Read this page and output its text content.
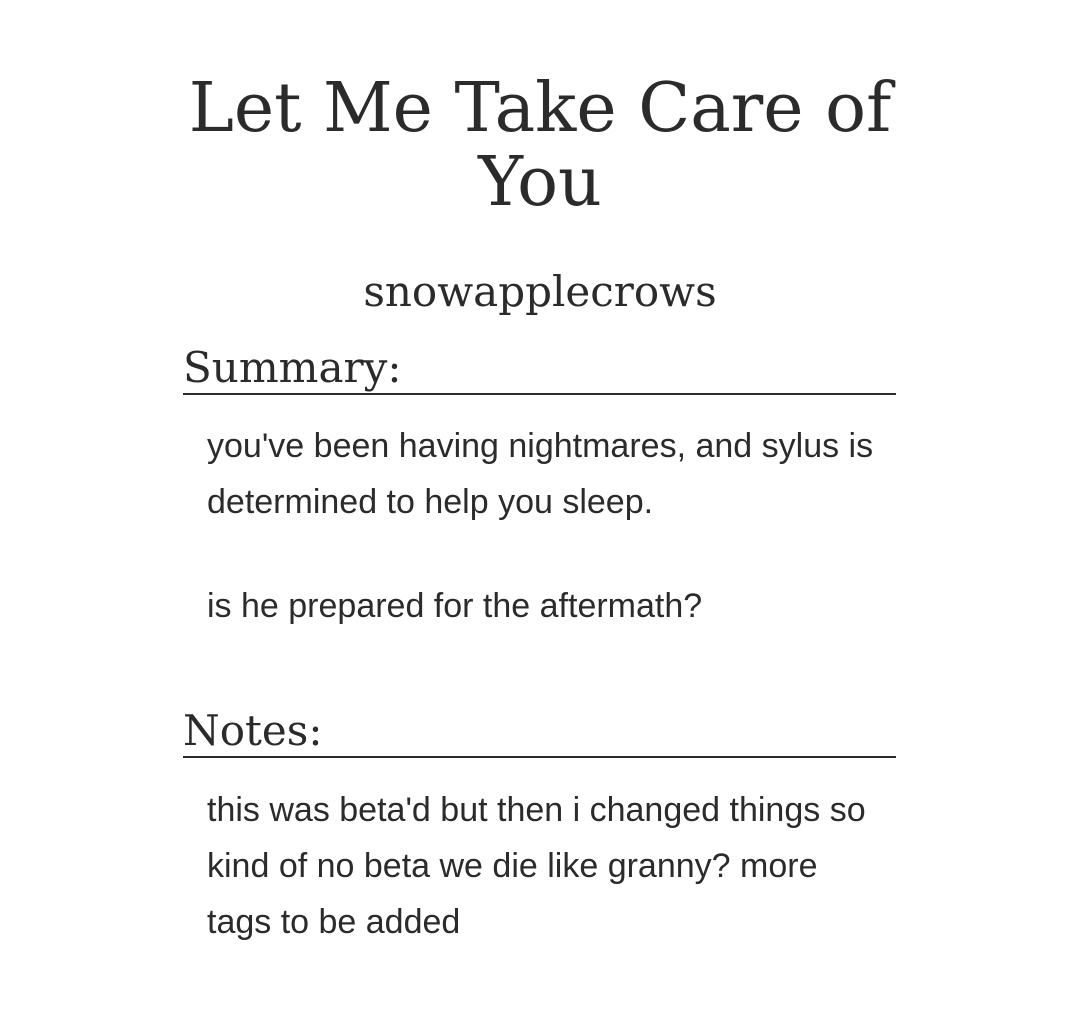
Let Me Take Care of You
snowapplecrows
Summary:

you've been having nightmares, and sylus is determined to help you sleep.

is he prepared for the aftermath?

Notes:

this was beta'd but then i changed things so kind of no beta we die like granny? more tags to be added
